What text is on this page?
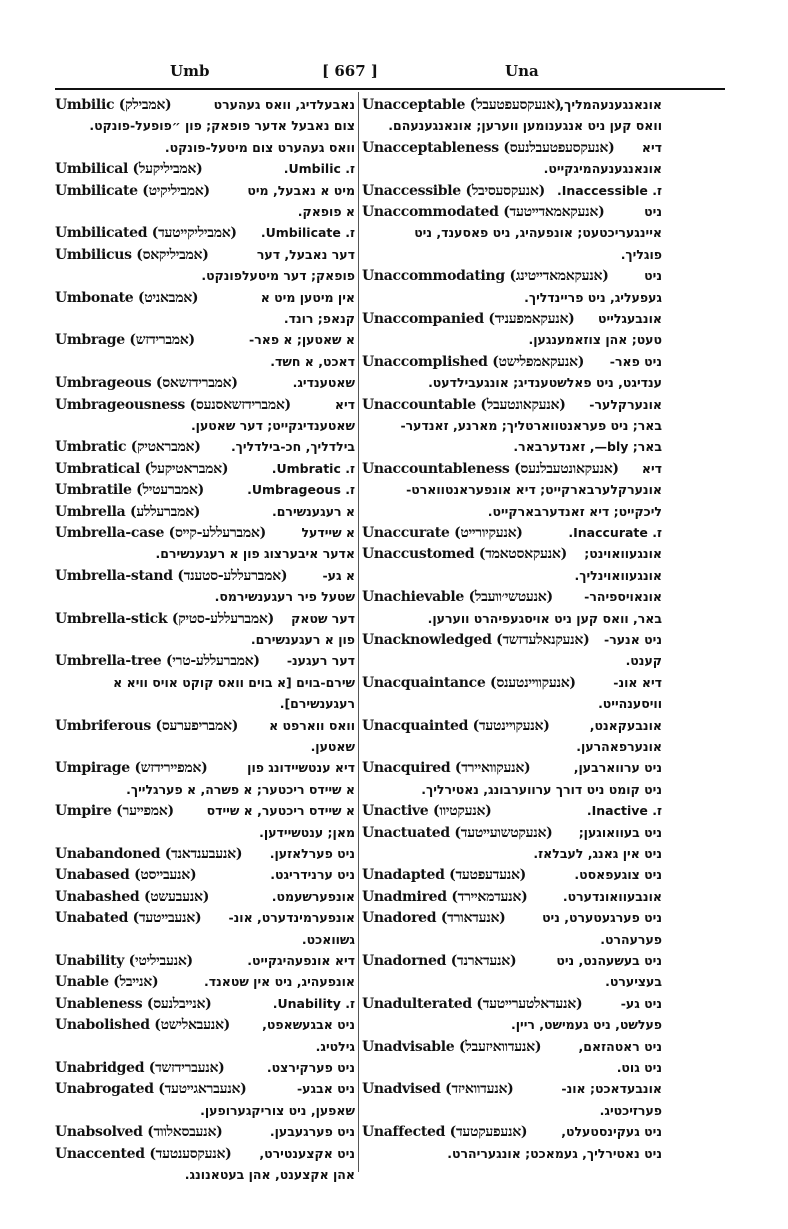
Umb	[ 667 ]	Una
Umbilic (אמבילק)	נאבעלדיג, וואס געהערט
צום נאבעל אדער פופאק; פון ״פופעל-פונקט.
וואס געהערט צום מיטעל-פונקט.
Umbilical (אמביליקעל)	ז. Umbilic.
Umbilicate (אמביליקיט)	מיט א נאבעל, מיט
א פופאק.
Umbilicated (אמביליקייטעד) ז. Umbilicate.
Umbilicus (אמביליקאס)	דער נאבעל, דער
פופאק; דער מיטעלפונקט.
Umbonate (אמבאניט)	אין מיטען מיט א
קנאפ; רונד.
Umbrage (אמברידזש)	א שאטען; א פאר-
דאכט, א חשד.
Umbrageous (אמברידזשאס)	שאטענדיג.
Umbrageousness (אמברידזשאסנעס)	דיא
שאטענדיגקייט; דער שאטען.
Umbratic (אמבראטיק) בילדליך, חכ-בילדליך.
Umbratical (אמבראטיקעל)	ז. Umbratic.
Umbratile (אמברעטיל)	ז. Umbrageous.
Umbrella (אמברעללע)	א רעגענשירם.
Umbrella-case (אמברעללע-קייס)	א שיידעל
אדער איבערצוג פון א רעגענשירם.
Umbrella-stand (אמברעללע-סטענד)	א גע-
שטעל פיר רעגענשירמס.
Umbrella-stick (אמברעללע-סטיק) דער שטאק
פון א רעגענשירם.
Umbrella-tree (אמברעללע-טרי) דער רעגענ-
שירם-בוים [א בוים וואס קוקט אויס וויא א
רעגענשירם].
Umbriferous (אמבריפערעס) וואס ווארפט א
שאטען.
Umpirage (אמפיירידזש)	דיא ענטשיידונג פון
א שיידס ריכטער; א פשרה, א פערגלייך.
Umpire (אמפייער)	א שיידס ריכטער, א שיידס
מאן; ענטשיידען.
Unabandoned (אנעבענדאנד) ניט פערלאזען.
Unabased (אנעבייסט)	ניט ערנידריגט.
Unabashed (אנעבעשט)	אונפערשעמט.
Unabated (אנעבייטעד) אונפערמינדערט, אונ-
גשוואכט.
Unability (אנעביליטי)	דיא אונפעהיגקייט.
Unable (אנייבל)	אונפעהיג, ניט אין שטאנד.
Unableness (אנייבלנעס)	ז. Unability.
Unabolished (אנעבאלישט)	ניט אבגעשאפט,
גילטיג.
Unabridged (אנעברידזשד)	ניט פערקירצט.
Unabrogated (אנעבראגייטעד)	ניט אבגע-
שאפען, ניט צוריקגערופען.
Unabsolved (אנעבסאלווד)	ניט פערגעבען.
Unaccented (אנעקסענטעד) ניט אקצענטירט,
אהן אקצענט, אהן בעטאנונג.
Unacceptable (אנעקסעפטעבל)
אונאנגענעהמליך,
וואס קען ניט אנגענומען ווערען; אונאנגענעהם.
Unacceptableness (אנעקסעפטעבלנעס) דיא
אונאנגענעהמיגקייט.
Unaccessible (אנעקסעסיבל) ז. Inaccessible.
Unaccommodated (אנעקאמאדייטעד)	ניט
איינגעריכטעט; אונפעהיג, ניט פאסענד, ניט
פוגליך.
Unaccommodating (אנעקאמאדייטינג)	ניט
געפעליג, ניט פריינדליך.
Unaccompanied (אנעקאמפעניד) אונבעגלייט
טעט; אהן צוזאמענגען.
Unaccomplished (אנעקאמפלישט) ניט פאר-
ענדיגט, ניט פאלשטענדיג; אונגעבילדעט.
Unaccountable (אנעקאונטעבל) אונערקלער-
באר; ניט פעראנטווארטליך; מארנע, זאנדער-
באר; bly—, זאנדערבאר.
Unaccountableness (אנעקאונטעבלנעס) דיא
אונערקלערבארקייט; דיא אונפעראנטווארט-
ליכקייט; דיא זאנדערבארקייט.
Unaccurate (אנעקיורייט)	ז. Inaccurate.
Unaccustomed (אנעקאסטאמד) אונגעוואוינט;
אונגעוואוינליך.
Unachievable (אנעטשי׳וועבל)	אונאויספיהר-
באר, וואס קען ניט אויסגעפיהרט ווערען.
Unacknowledged (אנעקנאלעדזשד) ניט אנער-
קענט.
Unacquaintance (אנעקוויינטענס)	דיא אונ-
וויסענהייט.
Unacquainted (אנעקויינטעד)	אונבעקאנט,
אונערפאהרען.
Unacquired (אנעקוואיירד)	ניט ערווארבען,
ניט קומט ניט דורך ערווערבונג, נאטירליך.
Unactive (אנעקטיוו)	ז. Inactive.
Unactuated (אנעקטשועייטעד) ניט בעוואוגען;
ניט אין גאנג, לעבלאז.
Unadapted (אנעדעפטעד)	ניט צוגעפאסט.
Unadmired (אנעדמאיירד)	אונבעוואונדערט.
Unadored (אנעדאורד)	ניט פערגעטערט, ניט
פערעהרט.
Unadorned (אנעדארנד)	ניט בעשעהנט, ניט
בעציערט.
Unadulterated (אנעדאלטערייטעד)	ניט גע-
פעלשט, ניט געמישט, ריין.
Unadvisable (אנעדוואיזעבל)	ניט ראטהזאם,
ניט גוט.
Unadvised (אנעדוואיזד)	אונבעדאכט; אונ-
פערזיכטיג.
Unaffected (אנעפעקטעד)	ניט געקינסטעלט,
ניט נאטירליך, געמאכט; אונגעריהרט.
